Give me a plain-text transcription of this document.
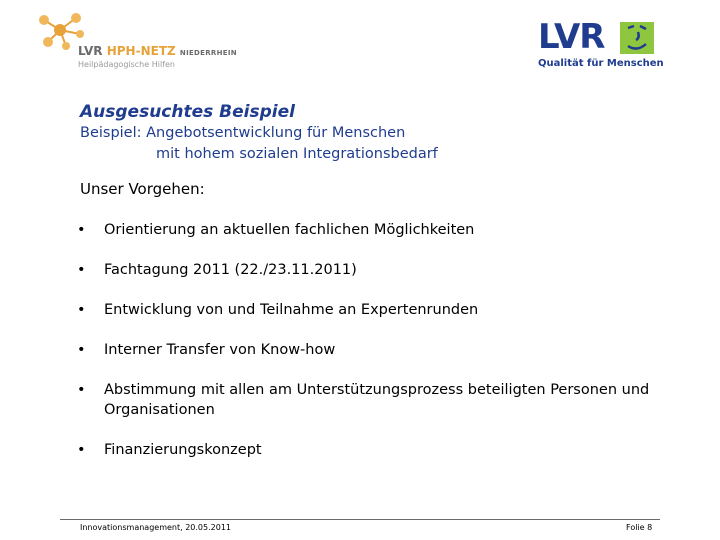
LVR HPH-NETZ NIEDERRHEIN
Heilpädagogische Hilfen
LVR
Qualität für Menschen
Ausgesuchtes Beispiel
Beispiel: Angebotsentwicklung für Menschen
mit hohem sozialen Integrationsbedarf
Unser Vorgehen:
• Orientierung an aktuellen fachlichen Möglichkeiten
• Fachtagung 2011 (22./23.11.2011)
• Entwicklung von und Teilnahme an Expertenrunden
• Interner Transfer von Know-how
• Abstimmung mit allen am Unterstützungsprozess beteiligten Personen und Organisationen
• Finanzierungskonzept
Innovationsmanagement, 20.05.2011	Folie 8
